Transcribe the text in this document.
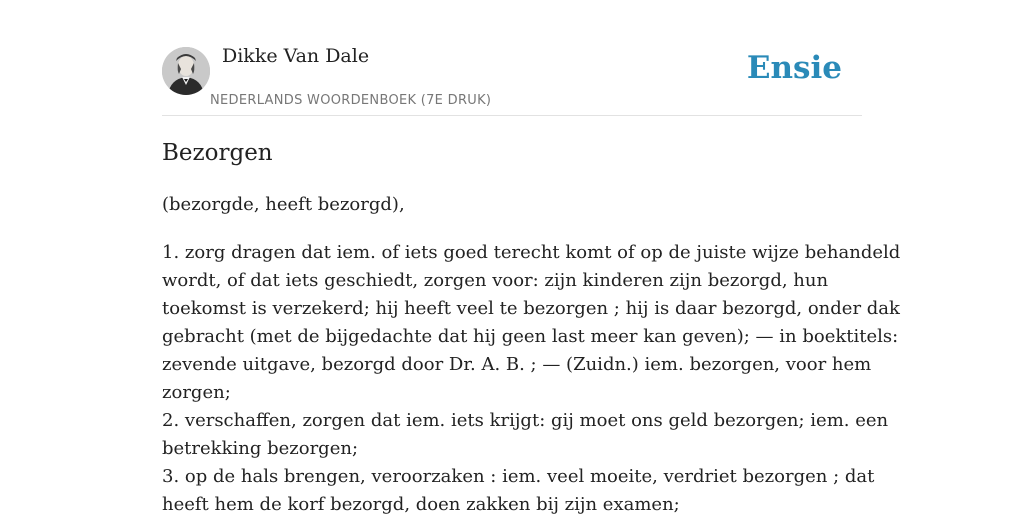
Dikke Van Dale
NEDERLANDS WOORDENBOEK (7E DRUK)
Ensie
Bezorgen

(bezorgde, heeft bezorgd),

1. zorg dragen dat iem. of iets goed terecht komt of op de juiste wijze behandeld
wordt, of dat iets geschiedt, zorgen voor: zijn kinderen zijn bezorgd, hun
toekomst is verzekerd; hij heeft veel te bezorgen ; hij is daar bezorgd, onder dak
gebracht (met de bijgedachte dat hij geen last meer kan geven); — in boektitels:
zevende uitgave, bezorgd door Dr. A. B. ; — (Zuidn.) iem. bezorgen, voor hem
zorgen;
2. verschaffen, zorgen dat iem. iets krijgt: gij moet ons geld bezorgen; iem. een
betrekking bezorgen;
3. op de hals brengen, veroorzaken : iem. veel moeite, verdriet bezorgen ; dat
heeft hem de korf bezorgd, doen zakken bij zijn examen;
